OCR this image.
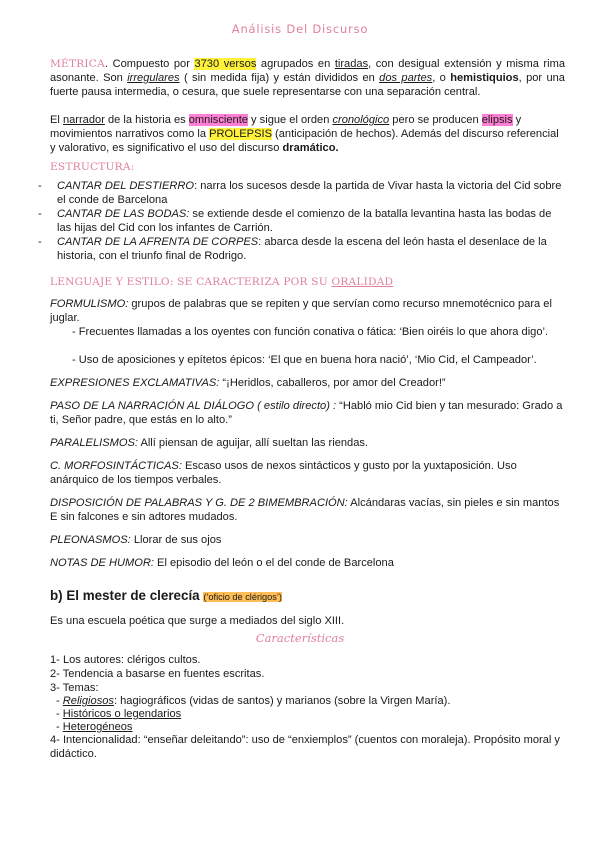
Análisis Del Discurso
MÉTRICA. Compuesto por 3730 versos agrupados en tiradas, con desigual extensión y misma rima asonante. Son irregulares ( sin medida fija) y están divididos en dos partes, o hemistiquios, por una fuerte pausa intermedia, o cesura, que suele representarse con una separación central.
El narrador de la historia es omnisciente y sigue el orden cronológico pero se producen elipsis y movimientos narrativos como la PROLEPSIS (anticipación de hechos). Además del discurso referencial y valorativo, es significativo el uso del discurso dramático.
ESTRUCTURA:
- CANTAR DEL DESTIERRO: narra los sucesos desde la partida de Vivar hasta la victoria del Cid sobre el conde de Barcelona
- CANTAR DE LAS BODAS: se extiende desde el comienzo de la batalla levantina hasta las bodas de las hijas del Cid con los infantes de Carrión.
- CANTAR DE LA AFRENTA DE CORPES: abarca desde la escena del león hasta el desenlace de la historia, con el triunfo final de Rodrigo.
LENGUAJE Y ESTILO: SE CARACTERIZA POR SU ORALIDAD
FORMULISMO: grupos de palabras que se repiten y que servían como recurso mnemotécnico para el juglar.
- Frecuentes llamadas a los oyentes con función conativa o fática: ‘Bien oiréis lo que ahora digo’.
- Uso de aposiciones y epítetos épicos: ‘El que en buena hora nació’, ‘Mio Cid, el Campeador’.
EXPRESIONES EXCLAMATIVAS: “¡Heridlos, caballeros, por amor del Creador!”
PASO DE LA NARRACIÓN AL DIÁLOGO ( estilo directo) : “Habló mio Cid bien y tan mesurado: Grado a ti, Señor padre, que estás en lo alto.”
PARALELISMOS: Allí piensan de aguijar, allí sueltan las riendas.
C. MORFOSINTÁCTICAS: Escaso usos de nexos sintácticos y gusto por la yuxtaposición. Uso anárquico de los tiempos verbales.
DISPOSICIÓN DE PALABRAS Y G. DE 2 BIMEMBRACIÓN: Alcándaras vacías, sin pieles e sin mantos E sin falcones e sin adtores mudados.
PLEONASMOS: Llorar de sus ojos
NOTAS DE HUMOR: El episodio del león o el del conde de Barcelona
b) El mester de clerecía (‘oficio de clérigos’)
Es una escuela poética que surge a mediados del siglo XIII.
Características
1- Los autores: clérigos cultos.
2- Tendencia a basarse en fuentes escritas.
3- Temas:
- Religiosos: hagiográficos (vidas de santos) y marianos (sobre la Virgen María).
- Históricos o legendarios
- Heterogéneos
4- Intencionalidad: “enseñar deleitando”: uso de “enxiemplos” (cuentos con moraleja). Propósito moral y didáctico.
